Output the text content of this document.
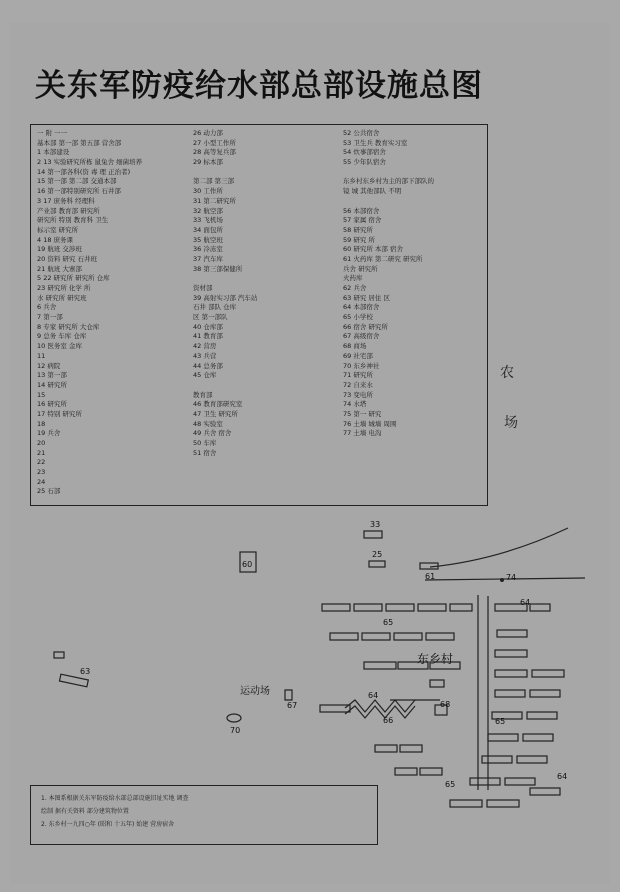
关东军防疫给水部总部设施总图
一 附 一一
基本部 第一部 第五部 营舍部
1 本部建设
2 13 实验研究所栋 鼠兔舍 细菌培养
14 第一部各科(资 毒 理 正治者)
15 第一部 第二部 交通本部
16 第一部特别研究所 石井部
3 17 庶务科 经理科
产业部 教育部 研究所
研究所 特別 教育科 卫生
标示室 研究所
4 18 庶务课
19 航班 交涉班
20 资料 研究 石井班
21 航班 大寨部
5 22 研究所 研究所 仓库
23 研究所 化学 所
水 研究所 研究班
6 兵舍
7 第一部
8 专家 研究所 大仓库
9 总务 车库 仓库
10 医务室 金库
11
12 病院
13 第一部
14 研究所
15
16 研究所
17 特别 研究所
18
19 兵舍
20
21
22
23
24
25 石部
26 动力部
27 小型工作所
28 高等复兵部
29 标本部
第二部 第三部
30 工作所
31 第二研究所
32 航空部
33 飞机场
34 面包所
35 航空班
36 冷冻室
37 汽车库
38 第三部保健所
资材部
39 高射实习部 汽车站
石井 部队 仓库
区 第一部队
40 仓库部
41 教育部
42 营房
43 兵营
44 总务部
45 仓库
教育部
46 教育部研究室
47 卫生 研究所
48 实验室
49 兵舍 宿舍
50 车库
51 宿舍
52 公共宿舍
53 卫生兵 教育实习室
54 炊事部宿舍
55 少年队宿舍
东乡村东乡村为主的部下部队的
镜 城 其他部队 不明
56 本部宿舍
57 家属 宿舍
58 研究所
59 研究 所
60 研究所 本部 宿舍
61 火药库 第二研究 研究所
兵舍 研究所
火药库
62 兵舍
63 研究 居住 区
64 本部宿舍
65 小学校
66 宿舍 研究所
67 高级宿舍
68 商场
69 社宅部
70 东乡神社
71 研究所
72 自来水
73 变电所
74 水塔
75 第一 研究
76 土墙 城墙 周围
77 土墙 电沟
农
场
东乡村
运动场
33
25
60
61	74
64
65
63
64
67
70
66
68
65
65
64
1. 本图系根据关东军防疫给水部总部设施旧址实地 调查
绘制 据有关资料 部分建筑物位置
2. 东乡村一九四○年 (昭和 十五年) 始建 营房宿舍
